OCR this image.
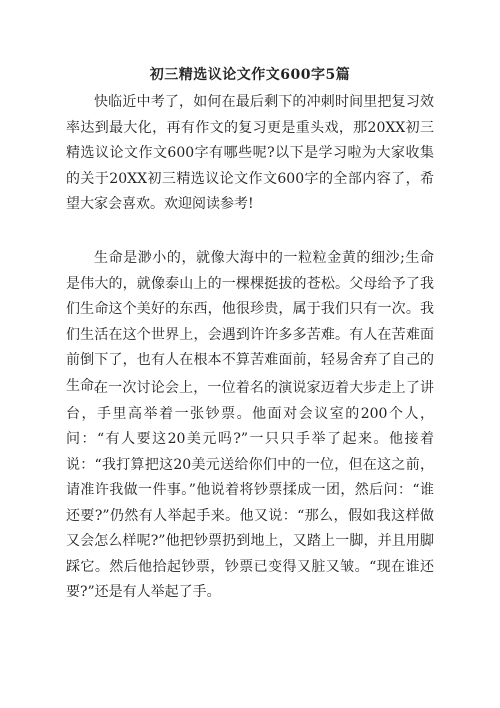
初三精选议论文作文600字5篇

快临近中考了，如何在最后剩下的冲刺时间里把复习效率达到最大化，再有作文的复习更是重头戏，那20XX初三精选议论文作文600字有哪些呢?以下是学习啦为大家收集的关于20XX初三精选议论文作文600字的全部内容了，希望大家会喜欢。欢迎阅读参考!

生命是渺小的，就像大海中的一粒粒金黄的细沙;生命是伟大的，就像泰山上的一棵棵挺拔的苍松。父母给予了我们生命这个美好的东西，他很珍贵，属于我们只有一次。我们生活在这个世界上，会遇到许许多多苦难。有人在苦难面前倒下了，也有人在根本不算苦难面前，轻易舍弃了自己的生命。

在一次讨论会上，一位着名的演说家迈着大步走上了讲台，手里高举着一张钞票。他面对会议室的200个人，问：“有人要这20美元吗?”一只只手举了起来。他接着说：“我打算把这20美元送给你们中的一位，但在这之前，请准许我做一件事。”他说着将钞票揉成一团，然后问：“谁还要?”仍然有人举起手来。他又说：“那么，假如我这样做又会怎么样呢?”他把钞票扔到地上，又踏上一脚，并且用脚踩它。然后他拾起钞票，钞票已变得又脏又皱。“现在谁还要?”还是有人举起了手。
